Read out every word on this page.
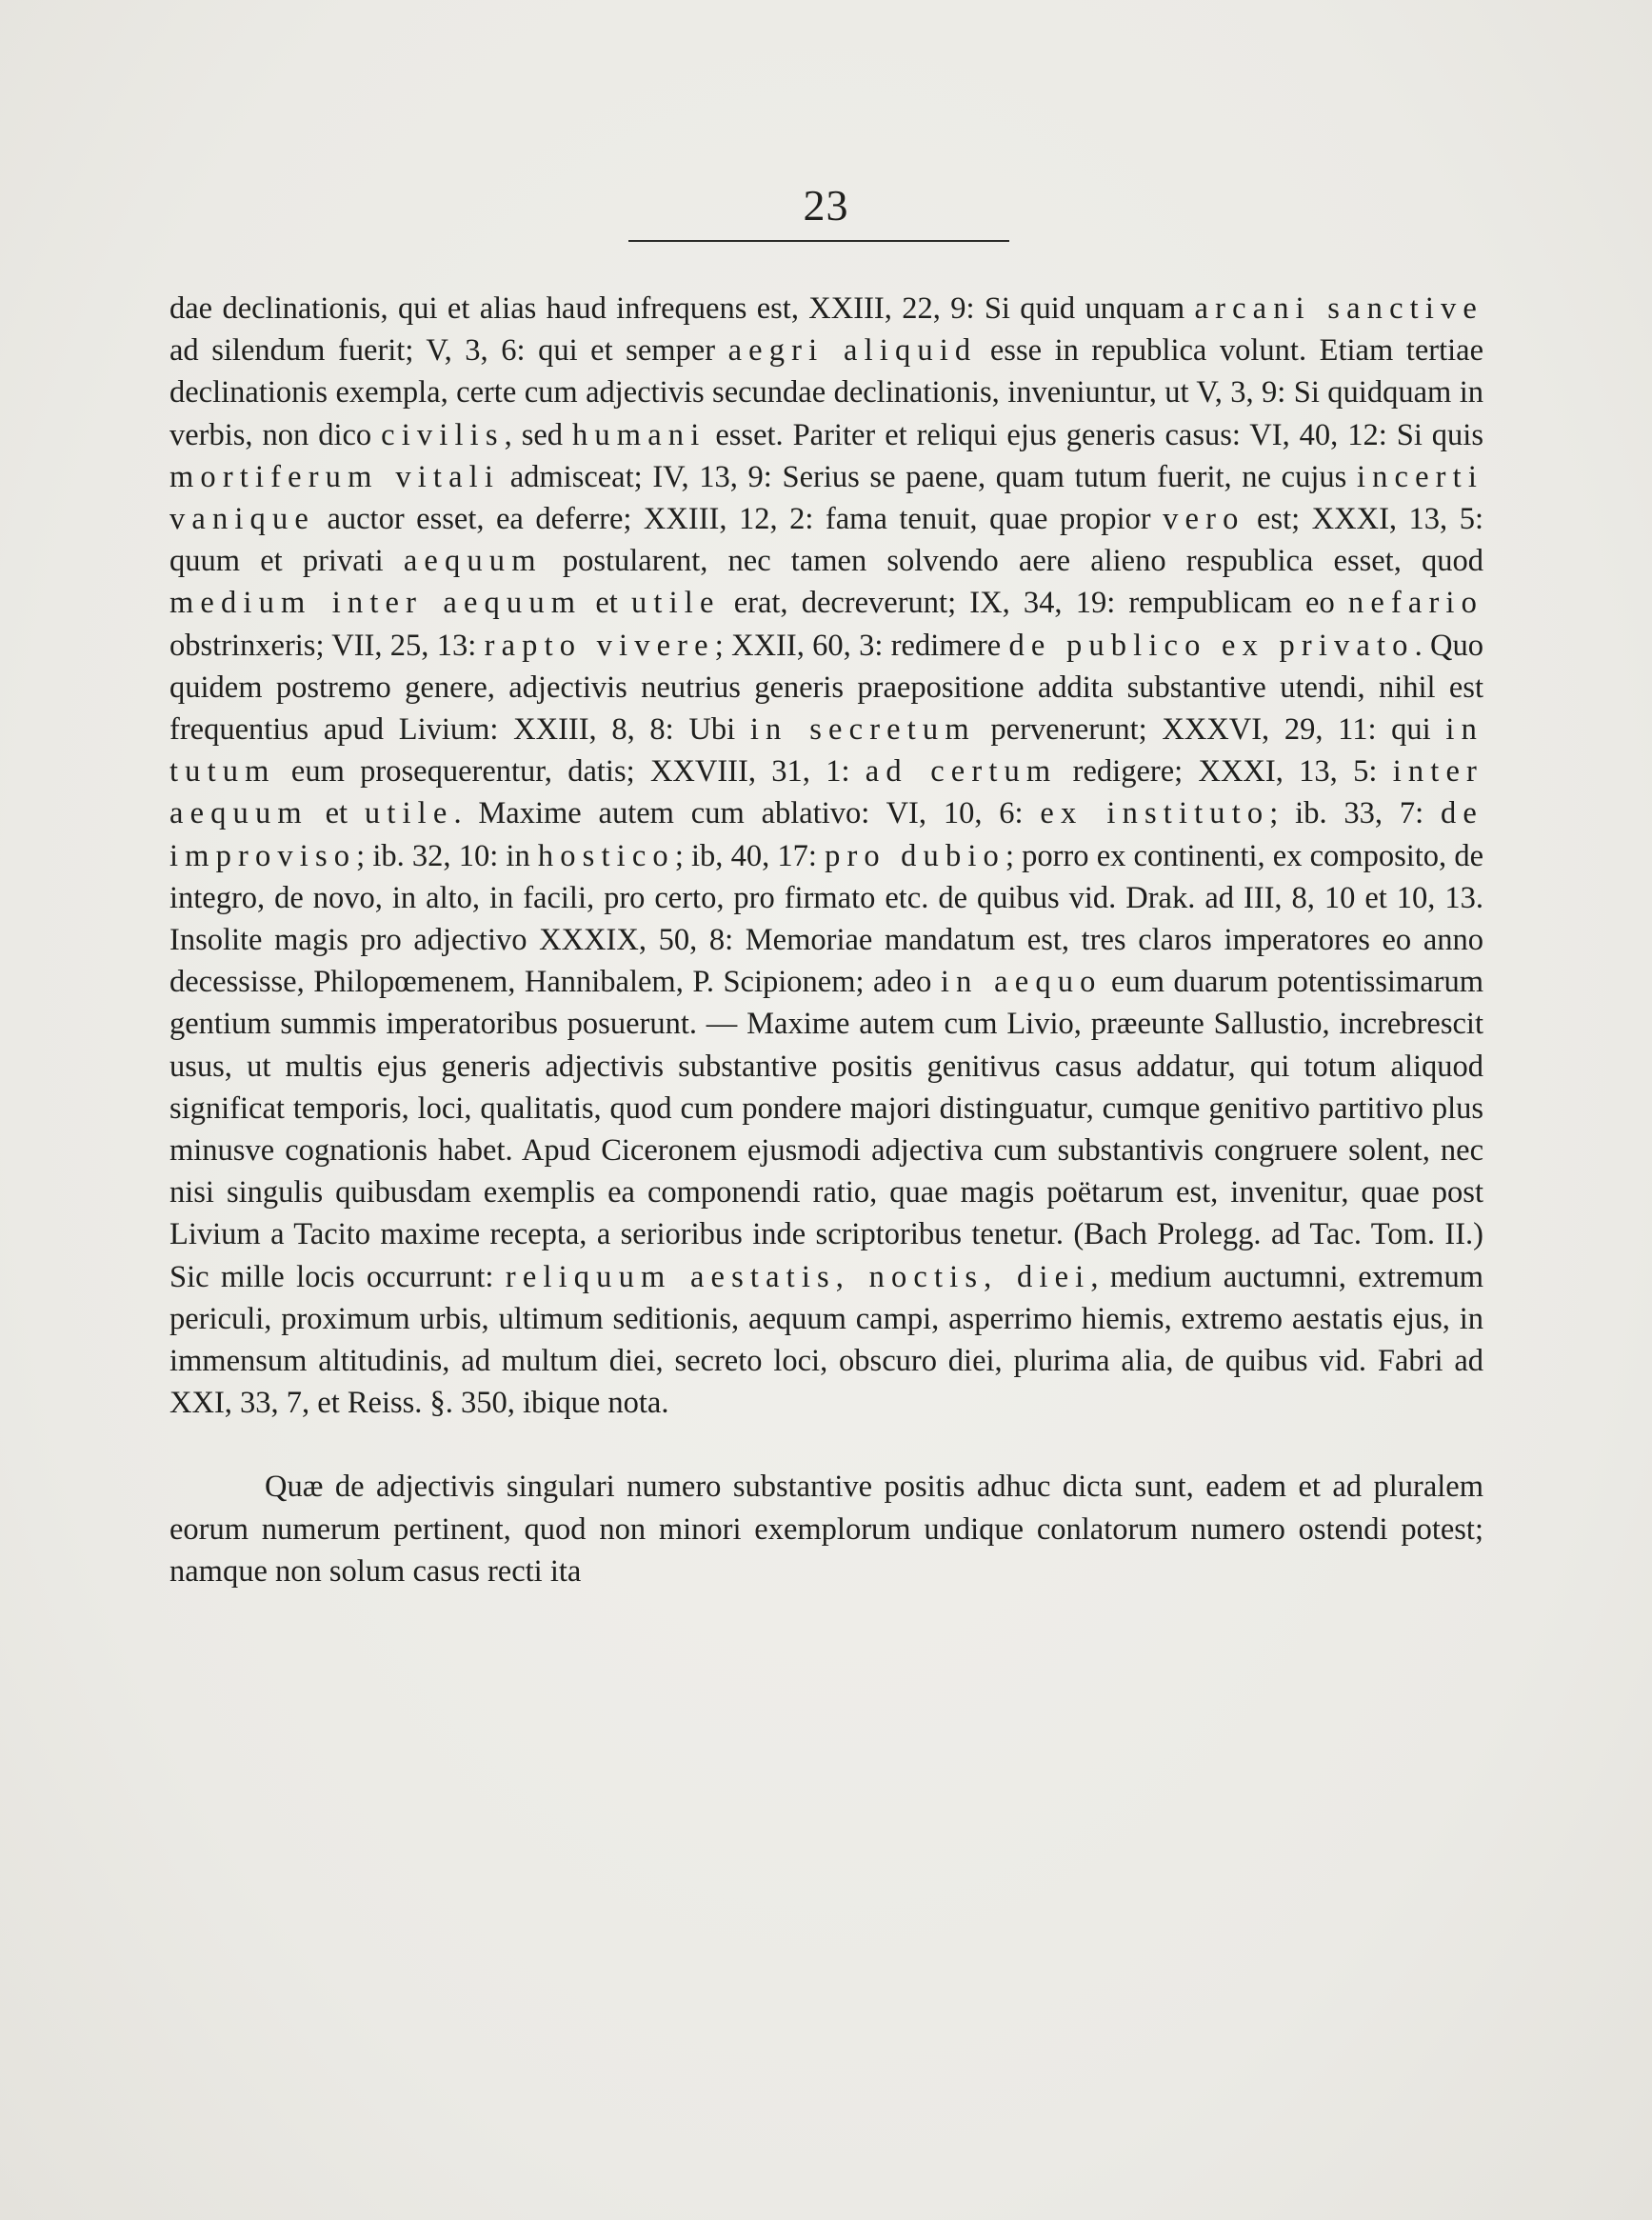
23

dae declinationis, qui et alias haud infrequens est, XXIII, 22, 9: Si quid unquam arcani sanctive ad silendum fuerit; V, 3, 6: qui et semper aegri aliquid esse in republica volunt. Etiam tertiae declinationis exempla, certe cum adjectivis secundae declinationis, inveniuntur, ut V, 3, 9: Si quidquam in verbis, non dico civilis, sed humani esset. Pariter et reliqui ejus generis casus: VI, 40, 12: Si quis mortiferum vitali admisceat; IV, 13, 9: Serius se paene, quam tutum fuerit, ne cujus incerti vanique auctor esset, ea deferre; XXIII, 12, 2: fama tenuit, quae propior vero est; XXXI, 13, 5: quum et privati aequum postularent, nec tamen solvendo aere alieno respublica esset, quod medium inter aequum et utile erat, decreverunt; IX, 34, 19: rempublicam eo nefario obstrinxeris; VII, 25, 13: rapto vivere; XXII, 60, 3: redimere de publico ex privato. Quo quidem postremo genere, adjectivis neutrius generis praepositione addita substantive utendi, nihil est frequentius apud Livium: XXIII, 8, 8: Ubi in secretum pervenerunt; XXXVI, 29, 11: qui in tutum eum prosequerentur, datis; XXVIII, 31, 1: ad certum redigere; XXXI, 13, 5: inter aequum et utile. Maxime autem cum ablativo: VI, 10, 6: ex instituto; ib. 33, 7: de improviso; ib. 32, 10: in hostico; ib, 40, 17: pro dubio; porro ex continenti, ex composito, de integro, de novo, in alto, in facili, pro certo, pro firmato etc. de quibus vid. Drak. ad III, 8, 10 et 10, 13. Insolite magis pro adjectivo XXXIX, 50, 8: Memoriae mandatum est, tres claros imperatores eo anno decessisse, Philopœmenem, Hannibalem, P. Scipionem; adeo in aequo eum duarum potentissimarum gentium summis imperatoribus posuerunt. — Maxime autem cum Livio, præeunte Sallustio, increbrescit usus, ut multis ejus generis adjectivis substantive positis genitivus casus addatur, qui totum aliquod significat temporis, loci, qualitatis, quod cum pondere majori distinguatur, cumque genitivo partitivo plus minusve cognationis habet. Apud Ciceronem ejusmodi adjectiva cum substantivis congruere solent, nec nisi singulis quibusdam exemplis ea componendi ratio, quae magis poëtarum est, invenitur, quae post Livium a Tacito maxime recepta, a serioribus inde scriptoribus tenetur. (Bach Prolegg. ad Tac. Tom. II.) Sic mille locis occurrunt: reliquum aestatis, noctis, diei, medium auctumni, extremum periculi, proximum urbis, ultimum seditionis, aequum campi, asperrimo hiemis, extremo aestatis ejus, in immensum altitudinis, ad multum diei, secreto loci, obscuro diei, plurima alia, de quibus vid. Fabri ad XXI, 33, 7, et Reiss. §. 350, ibique nota.

Quæ de adjectivis singulari numero substantive positis adhuc dicta sunt, eadem et ad pluralem eorum numerum pertinent, quod non minori exemplorum undique conlatorum numero ostendi potest; namque non solum casus recti ita
